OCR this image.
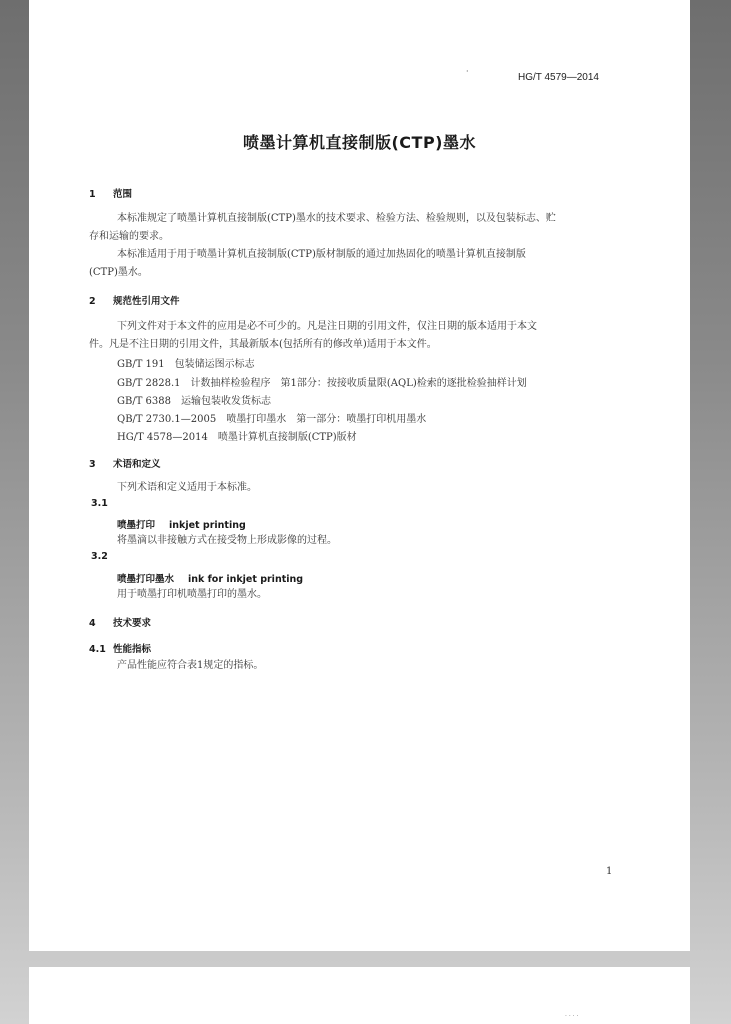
·
HG/T 4579—2014
喷墨计算机直接制版(CTP)墨水
1 范围
本标准规定了喷墨计算机直接制版(CTP)墨水的技术要求、检验方法、检验规则，以及包装标志、贮
存和运输的要求。
本标准适用于用于喷墨计算机直接制版(CTP)版材制版的通过加热固化的喷墨计算机直接制版
(CTP)墨水。
2 规范性引用文件
下列文件对于本文件的应用是必不可少的。凡是注日期的引用文件，仅注日期的版本适用于本文
件。凡是不注日期的引用文件，其最新版本(包括所有的修改单)适用于本文件。
GB/T 191　包装储运图示标志
GB/T 2828.1　计数抽样检验程序　第1部分：按接收质量限(AQL)检索的逐批检验抽样计划
GB/T 6388　运输包装收发货标志
QB/T 2730.1—2005　喷墨打印墨水　第一部分：喷墨打印机用墨水
HG/T 4578—2014　喷墨计算机直接制版(CTP)版材
3 术语和定义
下列术语和定义适用于本标准。
3.1
喷墨打印 inkjet printing
将墨滴以非接触方式在接受物上形成影像的过程。
3.2
喷墨打印墨水 ink for inkjet printing
用于喷墨打印机喷墨打印的墨水。
4 技术要求
4.1 性能指标
产品性能应符合表1规定的指标。
1
· · · ·
